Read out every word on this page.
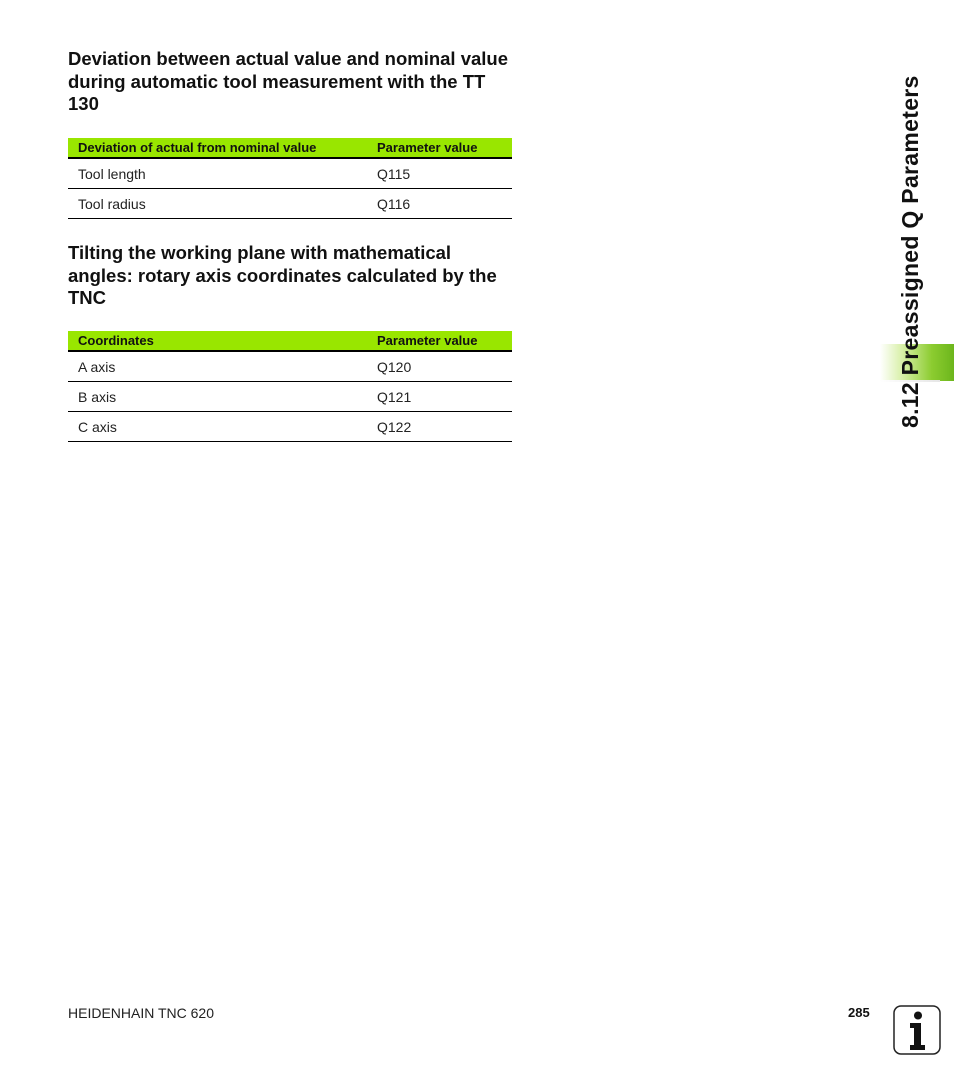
Deviation between actual value and nominal value during automatic tool measurement with the TT 130
Deviation of actual from nominal value	Parameter value
Tool length	Q115
Tool radius	Q116
Tilting the working plane with mathematical angles: rotary axis coordinates calculated by the TNC
Coordinates	Parameter value
A axis	Q120
B axis	Q121
C axis	Q122	8.12 Preassigned Q Parameters
HEIDENHAIN TNC 620	285
